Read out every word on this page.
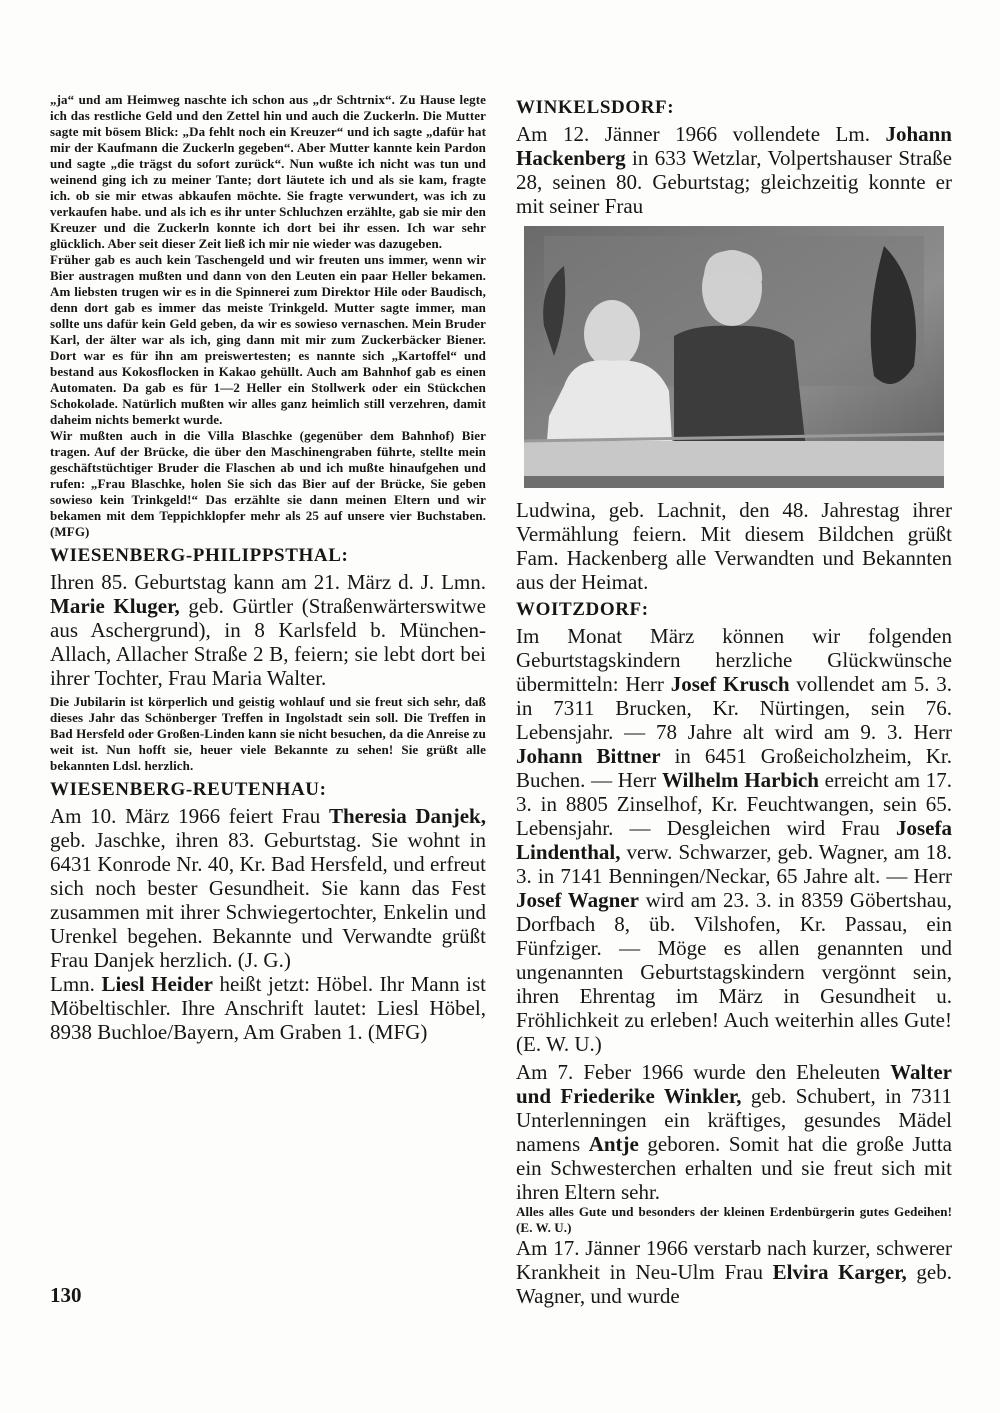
„ja“ und am Heimweg naschte ich schon aus „dr Schtrnix“. Zu Hause legte ich das restliche Geld und den Zettel hin und auch die Zuckerln. Die Mutter sagte mit bösem Blick: „Da fehlt noch ein Kreuzer“ und ich sagte „dafür hat mir der Kaufmann die Zuckerln gegeben“. Aber Mutter kannte kein Pardon und sagte „die trägst du sofort zurück“. Nun wußte ich nicht was tun und weinend ging ich zu meiner Tante; dort läutete ich und als sie kam, fragte ich. ob sie mir etwas abkaufen möchte. Sie fragte verwundert, was ich zu verkaufen habe. und als ich es ihr unter Schluchzen erzählte, gab sie mir den Kreuzer und die Zuckerln konnte ich dort bei ihr essen. Ich war sehr glücklich. Aber seit dieser Zeit ließ ich mir nie wieder was dazugeben.

Früher gab es auch kein Taschengeld und wir freuten uns immer, wenn wir Bier austragen mußten und dann von den Leuten ein paar Heller bekamen. Am liebsten trugen wir es in die Spinnerei zum Direktor Hile oder Baudisch, denn dort gab es immer das meiste Trinkgeld. Mutter sagte immer, man sollte uns dafür kein Geld geben, da wir es sowieso vernaschen. Mein Bruder Karl, der älter war als ich, ging dann mit mir zum Zuckerbäcker Biener. Dort war es für ihn am preiswertesten; es nannte sich „Kartoffel“ und bestand aus Kokosflocken in Kakao gehüllt. Auch am Bahnhof gab es einen Automaten. Da gab es für 1—2 Heller ein Stollwerk oder ein Stückchen Schokolade. Natürlich mußten wir alles ganz heimlich still verzehren, damit daheim nichts bemerkt wurde.

Wir mußten auch in die Villa Blaschke (gegenüber dem Bahnhof) Bier tragen. Auf der Brücke, die über den Maschinengraben führte, stellte mein geschäftstüchtiger Bruder die Flaschen ab und ich mußte hinaufgehen und rufen: „Frau Blaschke, holen Sie sich das Bier auf der Brücke, Sie geben sowieso kein Trinkgeld!“ Das erzählte sie dann meinen Eltern und wir bekamen mit dem Teppichklopfer mehr als 25 auf unsere vier Buchstaben. (MFG)

WIESENBERG-PHILIPPSTHAL:

Ihren 85. Geburtstag kann am 21. März d. J. Lmn. Marie Kluger, geb. Gürtler (Straßenwärterswitwe aus Aschergrund), in 8 Karlsfeld b. München-Allach, Allacher Straße 2 B, feiern; sie lebt dort bei ihrer Tochter, Frau Maria Walter.

Die Jubilarin ist körperlich und geistig wohlauf und sie freut sich sehr, daß dieses Jahr das Schönberger Treffen in Ingolstadt sein soll. Die Treffen in Bad Hersfeld oder Großen-Linden kann sie nicht besuchen, da die Anreise zu weit ist. Nun hofft sie, heuer viele Bekannte zu sehen! Sie grüßt alle bekannten Ldsl. herzlich.

WIESENBERG-REUTENHAU:

Am 10. März 1966 feiert Frau Theresia Danjek, geb. Jaschke, ihren 83. Geburtstag. Sie wohnt in 6431 Konrode Nr. 40, Kr. Bad Hersfeld, und erfreut sich noch bester Gesundheit. Sie kann das Fest zusammen mit ihrer Schwiegertochter, Enkelin und Urenkel begehen. Bekannte und Verwandte grüßt Frau Danjek herzlich. (J. G.)

Lmn. Liesl Heider heißt jetzt: Höbel. Ihr Mann ist Möbeltischler. Ihre Anschrift lautet: Liesl Höbel, 8938 Buchloe/Bayern, Am Graben 1. (MFG)

WINKELSDORF:

Am 12. Jänner 1966 vollendete Lm. Johann Hackenberg in 633 Wetzlar, Volpertshauser Straße 28, seinen 80. Geburtstag; gleichzeitig konnte er mit seiner Frau

Ludwina, geb. Lachnit, den 48. Jahrestag ihrer Vermählung feiern. Mit diesem Bildchen grüßt Fam. Hackenberg alle Verwandten und Bekannten aus der Heimat.

WOITZDORF:

Im Monat März können wir folgenden Geburtstagskindern herzliche Glückwünsche übermitteln: Herr Josef Krusch vollendet am 5. 3. in 7311 Brucken, Kr. Nürtingen, sein 76. Lebensjahr. — 78 Jahre alt wird am 9. 3. Herr Johann Bittner in 6451 Großeicholzheim, Kr. Buchen. — Herr Wilhelm Harbich erreicht am 17. 3. in 8805 Zinselhof, Kr. Feuchtwangen, sein 65. Lebensjahr. — Desgleichen wird Frau Josefa Lindenthal, verw. Schwarzer, geb. Wagner, am 18. 3. in 7141 Benningen/Neckar, 65 Jahre alt. — Herr Josef Wagner wird am 23. 3. in 8359 Göbertshau, Dorfbach 8, üb. Vilshofen, Kr. Passau, ein Fünfziger. — Möge es allen genannten und ungenannten Geburtstagskindern vergönnt sein, ihren Ehrentag im März in Gesundheit u. Fröhlichkeit zu erleben! Auch weiterhin alles Gute! (E. W. U.)

Am 7. Feber 1966 wurde den Eheleuten Walter und Friederike Winkler, geb. Schubert, in 7311 Unterlenningen ein kräftiges, gesundes Mädel namens Antje geboren. Somit hat die große Jutta ein Schwesterchen erhalten und sie freut sich mit ihren Eltern sehr.

Alles alles Gute und besonders der kleinen Erdenbürgerin gutes Gedeihen! (E. W. U.)

Am 17. Jänner 1966 verstarb nach kurzer, schwerer Krankheit in Neu-Ulm Frau Elvira Karger, geb. Wagner, und wurde

130
